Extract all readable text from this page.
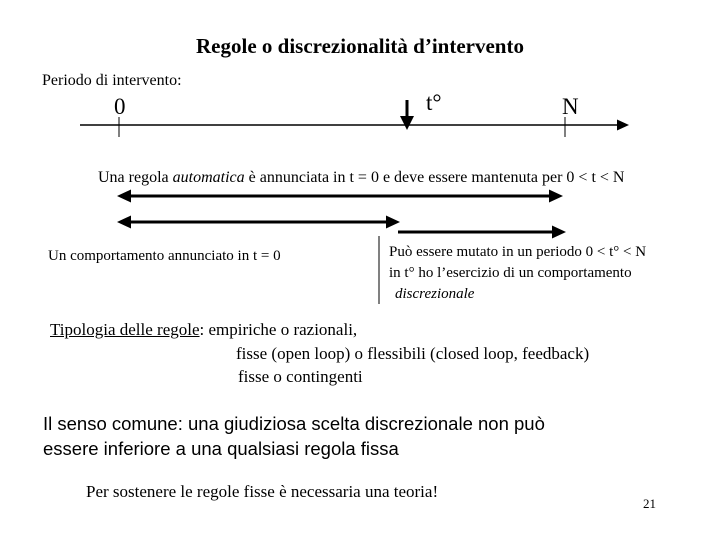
Regole o discrezionalità d’intervento
Periodo di intervento:
0	t°	N
Una regola automatica è annunciata in t = 0 e deve essere mantenuta per 0 < t < N
Un comportamento annunciato in t = 0	Può essere mutato in un periodo 0 < t° < N
in t° ho l’esercizio di un comportamento
discrezionale
Tipologia delle regole: empiriche o razionali,
fisse (open loop) o flessibili (closed loop, feedback)
fisse o contingenti
Il senso comune: una giudiziosa scelta discrezionale non può
essere inferiore a una qualsiasi regola fissa
Per sostenere le regole fisse è necessaria una teoria!
21
